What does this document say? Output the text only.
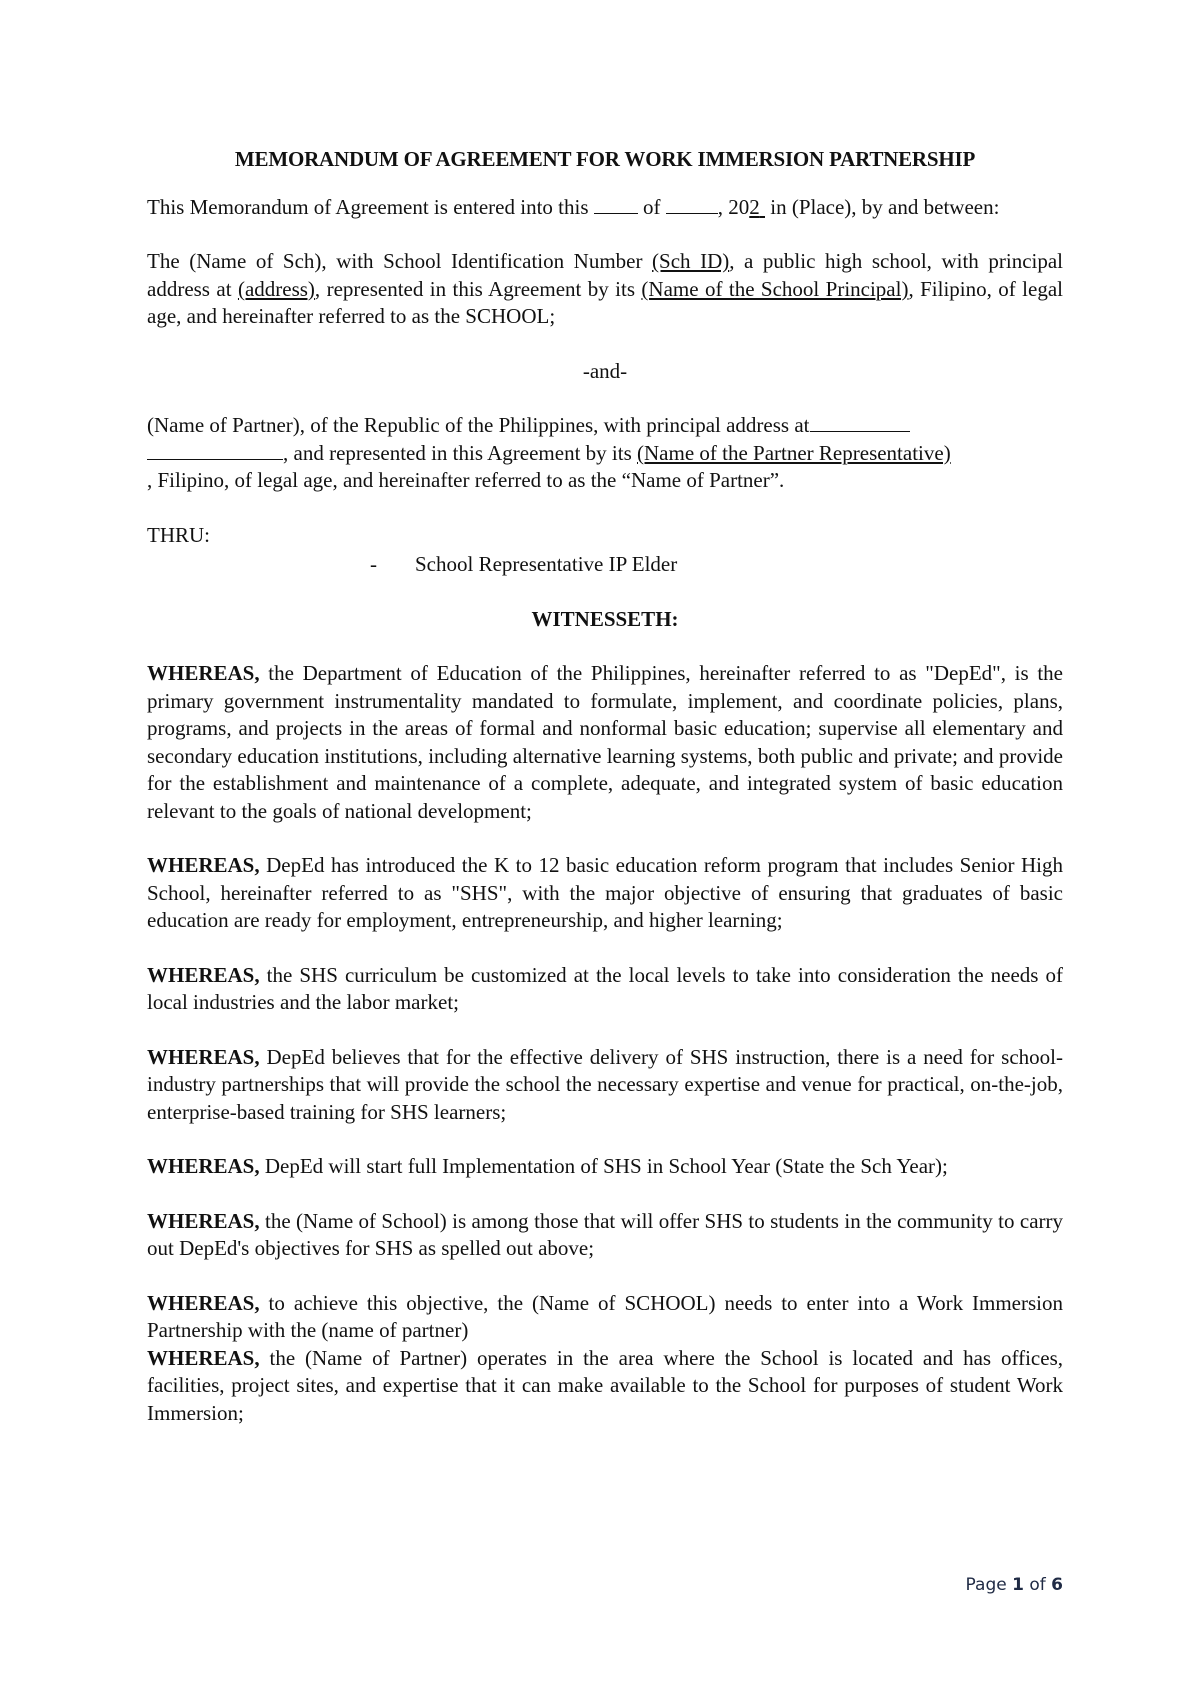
MEMORANDUM OF AGREEMENT FOR WORK IMMERSION PARTNERSHIP

This Memorandum of Agreement is entered into this	of	, 202  in (Place), by and between:

The (Name of Sch), with School Identification Number (Sch ID), a public high school, with principal address at (address), represented in this Agreement by its (Name of the School Principal), Filipino, of legal age, and hereinafter referred to as the SCHOOL;

-and-

(Name of Partner), of the Republic of the Philippines, with principal address at
, and represented in this Agreement by its (Name of the Partner Representative)
, Filipino, of legal age, and hereinafter referred to as the “Name of Partner”.

THRU:

- School Representative IP Elder

WITNESSETH:

WHEREAS, the Department of Education of the Philippines, hereinafter referred to as "DepEd", is the primary government instrumentality mandated to formulate, implement, and coordinate policies, plans, programs, and projects in the areas of formal and nonformal basic education; supervise all elementary and secondary education institutions, including alternative learning systems, both public and private; and provide for the establishment and maintenance of a complete, adequate, and integrated system of basic education relevant to the goals of national development;

WHEREAS, DepEd has introduced the K to 12 basic education reform program that includes Senior High School, hereinafter referred to as "SHS", with the major objective of ensuring that graduates of basic education are ready for employment, entrepreneurship, and higher learning;

WHEREAS, the SHS curriculum be customized at the local levels to take into consideration the needs of local industries and the labor market;

WHEREAS, DepEd believes that for the effective delivery of SHS instruction, there is a need for school-industry partnerships that will provide the school the necessary expertise and venue for practical, on-the-job, enterprise-based training for SHS learners;

WHEREAS, DepEd will start full Implementation of SHS in School Year (State the Sch Year);

WHEREAS, the (Name of School) is among those that will offer SHS to students in the community to carry out DepEd's objectives for SHS as spelled out above;

WHEREAS, to achieve this objective, the (Name of SCHOOL) needs to enter into a Work Immersion Partnership with the (name of partner)

WHEREAS, the (Name of Partner) operates in the area where the School is located and has offices, facilities, project sites, and expertise that it can make available to the School for purposes of student Work Immersion;

Page 1 of 6
